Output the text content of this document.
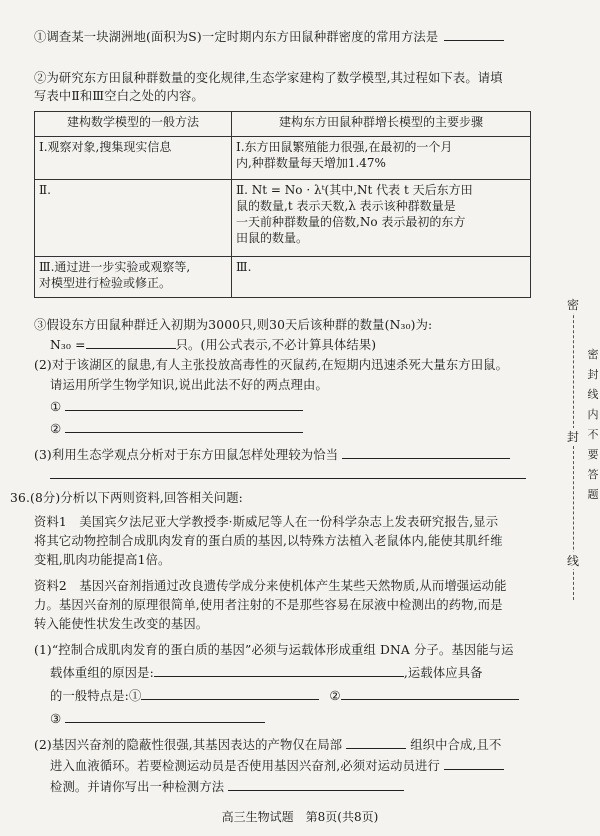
①调查某一块湖洲地(面积为S)一定时期内东方田鼠种群密度的常用方法是
②为研究东方田鼠种群数量的变化规律,生态学家建构了数学模型,其过程如下表。请填
写表中Ⅱ和Ⅲ空白之处的内容。
建构数学模型的一般方法	建构东方田鼠种群增长模型的主要步骤

Ⅰ.观察对象,搜集现实信息	Ⅰ.东方田鼠繁殖能力很强,在最初的一个月
内,种群数量每天增加1.47%

Ⅱ.	Ⅱ. Nt = No · λᵗ(其中,Nt 代表 t 天后东方田
鼠的数量,t 表示天数,λ 表示该种群数量是
一天前种群数量的倍数,No 表示最初的东方
田鼠的数量。

Ⅲ.通过进一步实验或观察等,
对模型进行检验或修正。	Ⅲ.
③假设东方田鼠种群迁入初期为3000只,则30天后该种群的数量(N₃₀)为:
N₃₀ =	只。(用公式表示,不必计算具体结果)
(2)对于该湖区的鼠患,有人主张投放高毒性的灭鼠药,在短期内迅速杀死大量东方田鼠。
请运用所学生物学知识,说出此法不好的两点理由。
①
②
(3)利用生态学观点分析对于东方田鼠怎样处理较为恰当
36.(8分)分析以下两则资料,回答相关问题:
资料1　美国宾夕法尼亚大学教授李·斯威尼等人在一份科学杂志上发表研究报告,显示
将其它动物控制合成肌肉发育的蛋白质的基因,以特殊方法植入老鼠体内,能使其肌纤维
变粗,肌肉功能提高1倍。
资料2　基因兴奋剂指通过改良遗传学成分来使机体产生某些天然物质,从而增强运动能
力。基因兴奋剂的原理很简单,使用者注射的不是那些容易在尿液中检测出的药物,而是
转入能使性状发生改变的基因。
(1)“控制合成肌肉发育的蛋白质的基因”必须与运载体形成重组 DNA 分子。基因能与运
载体重组的原因是:	,运载体应具备
的一般特点是:①	②
③
(2)基因兴奋剂的隐蔽性很强,其基因表达的产物仅在局部	组织中合成,且不
进入血液循环。若要检测运动员是否使用基因兴奋剂,必须对运动员进行
检测。并请你写出一种检测方法
密
封
线
密
封
线
内
不
要
答
题
高三生物试题　第8页(共8页)
